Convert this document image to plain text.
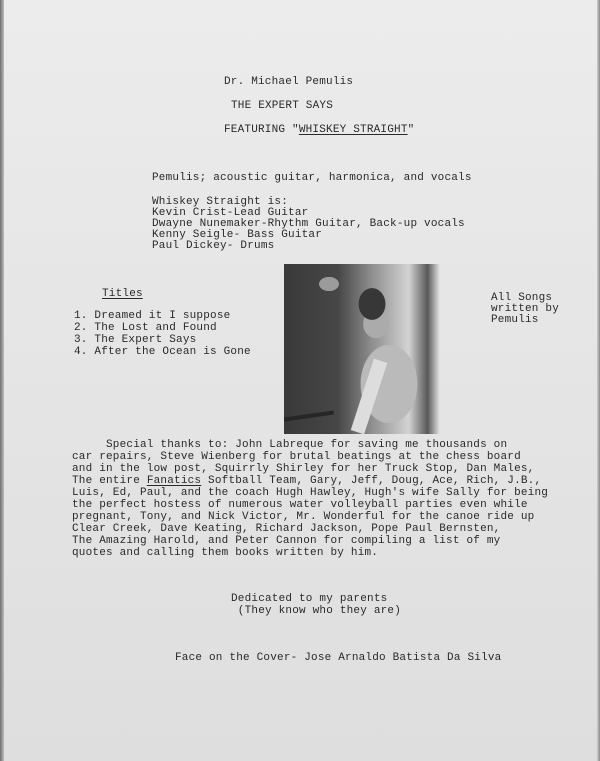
Dr. Michael Pemulis
THE EXPERT SAYS
FEATURING "WHISKEY STRAIGHT"
Pemulis; acoustic guitar, harmonica, and vocals
Whiskey Straight is:
Kevin Crist-Lead Guitar
Dwayne Nunemaker-Rhythm Guitar, Back-up vocals
Kenny Seigle- Bass Guitar
Paul Dickey- Drums
Titles
1. Dreamed it I suppose
2. The Lost and Found
3. The Expert Says
4. After the Ocean is Gone
All Songs
written by
Pemulis
Special thanks to: John Labreque for saving me thousands on
car repairs, Steve Wienberg for brutal beatings at the chess board
and in the low post, Squirrly Shirley for her Truck Stop, Dan Males,
The entire Fanatics Softball Team, Gary, Jeff, Doug, Ace, Rich, J.B.,
Luis, Ed, Paul, and the coach Hugh Hawley, Hugh's wife Sally for being
the perfect hostess of numerous water volleyball parties even while
pregnant, Tony, and Nick Victor, Mr. Wonderful for the canoe ride up
Clear Creek, Dave Keating, Richard Jackson, Pope Paul Bernsten,
The Amazing Harold, and Peter Cannon for compiling a list of my
quotes and calling them books written by him.
Dedicated to my parents
(They know who they are)
Face on the Cover- Jose Arnaldo Batista Da Silva
